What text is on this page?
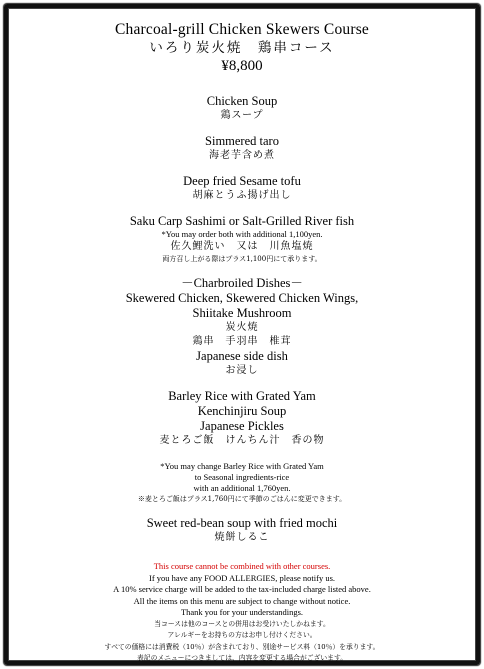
Charcoal-grill Chicken Skewers Course
いろり炭火焼　鶏串コース
¥8,800
Chicken Soup
鶏スープ
Simmered taro
海老芋含め煮
Deep fried Sesame tofu
胡麻とうふ揚げ出し
Saku Carp Sashimi or Salt-Grilled River fish
*You may order both with additional 1,100yen.
佐久鯉洗い　又は　川魚塩焼
両方召し上がる際はプラス1,100円にて承ります。
－Charbroiled Dishes－
Skewered Chicken, Skewered Chicken Wings,
Shiitake Mushroom
炭火焼
鶏串　手羽串　椎茸
Japanese side dish
お浸し
Barley Rice with Grated Yam
Kenchinjiru Soup
Japanese Pickles
麦とろご飯　けんちん汁　香の物
*You may change Barley Rice with Grated Yam
to Seasonal ingredients-rice
with an additional 1,760yen.
※麦とろご飯はプラス1,760円にて季節のごはんに変更できます。
Sweet red-bean soup with fried mochi
焼餅しるこ
This course cannot be combined with other courses.
If you have any FOOD ALLERGIES, please notify us.
A 10% service charge will be added to the tax-included charge listed above.
All the items on this menu are subject to change without notice.
Thank you for your understandings.
当コースは他のコースとの併用はお受けいたしかねます。
アレルギーをお持ちの方はお申し付けください。
すべての価格には消費税（10％）が含まれており、別途サービス料（10％）を承ります。
表記のメニューにつきましては、内容を変更する場合がございます。
